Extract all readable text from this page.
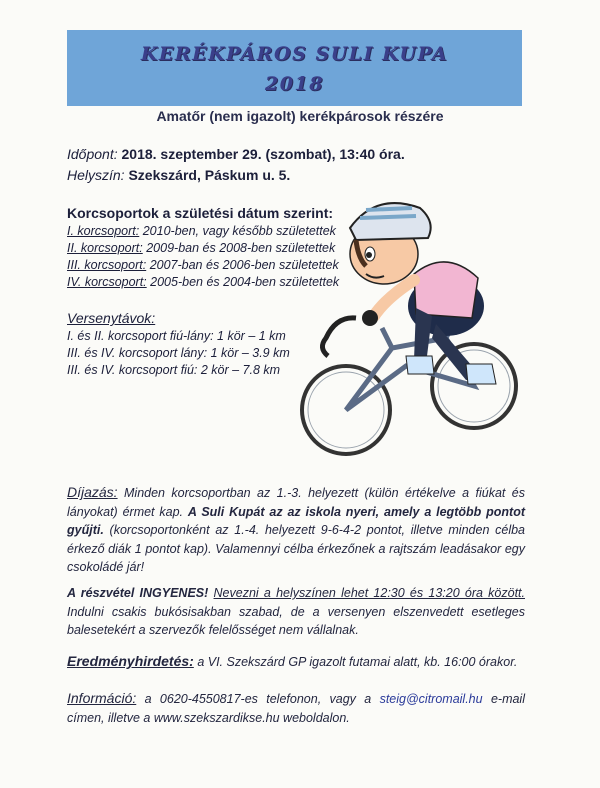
KERÉKPÁROS SULI KUPA
2018
Amatőr (nem igazolt) kerékpárosok részére
Időpont: 2018. szeptember 29. (szombat), 13:40 óra.
Helyszín: Szekszárd, Páskum u. 5.
Korcsoportok a születési dátum szerint:
I. korcsoport: 2010-ben, vagy később születettek
II. korcsoport: 2009-ban és 2008-ben születettek
III. korcsoport: 2007-ban és 2006-ben születettek
IV. korcsoport: 2005-ben és 2004-ben születettek
Versenytávok:
I. és II. korcsoport fiú-lány: 1 kör – 1 km
III. és IV. korcsoport lány: 1 kör – 3.9 km
III. és IV. korcsoport fiú: 2 kör – 7.8 km
Díjazás: Minden korcsoportban az 1.-3. helyezett (külön értékelve a fiúkat és lányokat) érmet kap. A Suli Kupát az az iskola nyeri, amely a legtöbb pontot gyűjti. (korcsoportonként az 1.-4. helyezett 9-6-4-2 pontot, illetve minden célba érkező diák 1 pontot kap). Valamennyi célba érkezőnek a rajtszám leadásakor egy csokoládé jár!
A részvétel INGYENES! Nevezni a helyszínen lehet 12:30 és 13:20 óra között. Indulni csakis bukósisakban szabad, de a versenyen elszenvedett esetleges balesetekért a szervezők felelősséget nem vállalnak.
Eredményhirdetés: a VI. Szekszárd GP igazolt futamai alatt, kb. 16:00 órakor.
Információ: a 0620-4550817-es telefonon, vagy a steig@citromail.hu e-mail címen, illetve a www.szekszardikse.hu weboldalon.
